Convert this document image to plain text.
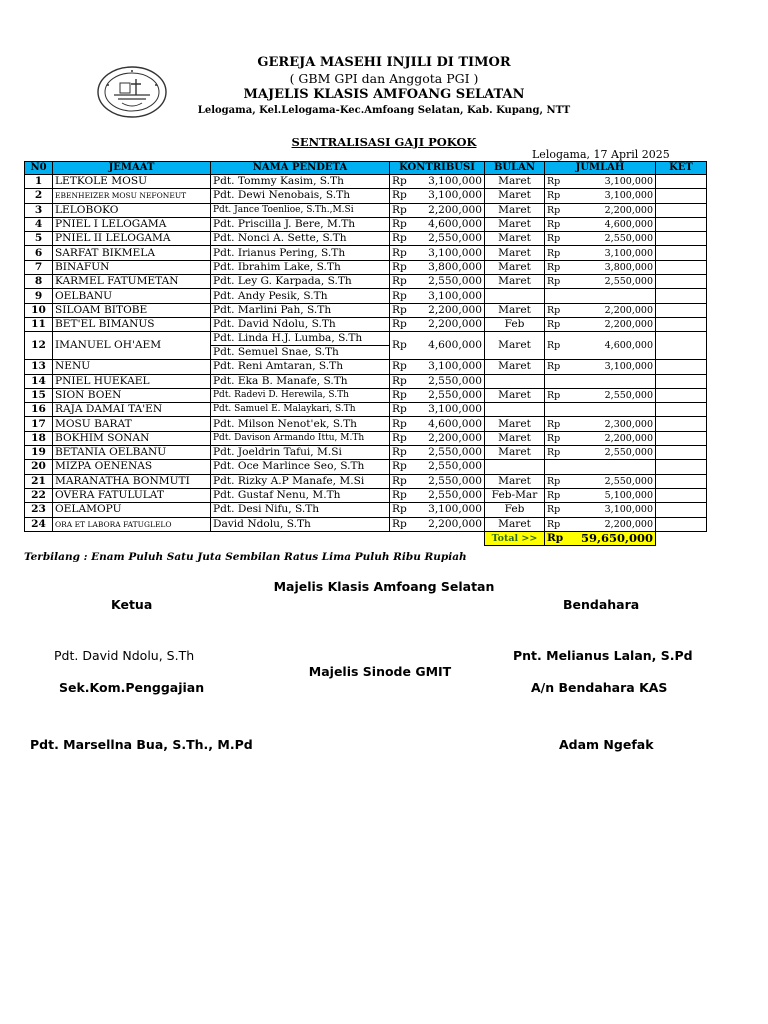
GEREJA MASEHI INJILI DI TIMOR
( GBM GPI dan Anggota PGI )
MAJELIS KLASIS AMFOANG SELATAN
Lelogama, Kel.Lelogama-Kec.Amfoang Selatan, Kab. Kupang, NTT
SENTRALISASI GAJI POKOK
Lelogama, 17 April 2025
N0	JEMAAT	NAMA PENDETA	KONTRIBUSI		BULAN	JUMLAH		KET
1	LETKOLE MOSU	Pdt. Tommy Kasim, S.Th	Rp	3,100,000	Maret	Rp	3,100,000	
2	EBENHEIZER MOSU NEFONEUT	Pdt. Dewi Nenobais, S.Th	Rp	3,100,000	Maret	Rp	3,100,000	
3	LELOBOKO	Pdt. Jance Toenlioe, S.Th.,M.Si	Rp	2,200,000	Maret	Rp	2,200,000	
4	PNIEL I LELOGAMA	Pdt. Priscilla J. Bere, M.Th	Rp	4,600,000	Maret	Rp	4,600,000	
5	PNIEL II LELOGAMA	Pdt. Nonci A. Sette, S.Th	Rp	2,550,000	Maret	Rp	2,550,000	
6	SARFAT BIKMELA	Pdt. Irianus Pering, S.Th	Rp	3,100,000	Maret	Rp	3,100,000	
7	BINAFUN	Pdt. Ibrahim Lake, S.Th	Rp	3,800,000	Maret	Rp	3,800,000	
8	KARMEL FATUMETAN	Pdt. Ley G. Karpada, S.Th	Rp	2,550,000	Maret	Rp	2,550,000	
9	OELBANU	Pdt. Andy Pesik, S.Th	Rp	3,100,000				
10	SILOAM BITOBE	Pdt. Marlini Pah, S.Th	Rp	2,200,000	Maret	Rp	2,200,000	
11	BET'EL BIMANUS	Pdt. David Ndolu, S.Th	Rp	2,200,000	Feb	Rp	2,200,000	
12	IMANUEL OH'AEM	Pdt. Linda H.J. Lumba, S.Th
Pdt. Semuel Snae, S.Th	Rp	4,600,000	Maret	Rp	4,600,000	
13	NENU	Pdt. Reni Amtaran, S.Th	Rp	3,100,000	Maret	Rp	3,100,000	
14	PNIEL HUEKAEL	Pdt. Eka B. Manafe, S.Th	Rp	2,550,000				
15	SION BOEN	Pdt. Radevi D. Herewila, S.Th	Rp	2,550,000	Maret	Rp	2,550,000	
16	RAJA DAMAI TA'EN	Pdt. Samuel E. Malaykari, S.Th	Rp	3,100,000				
17	MOSU BARAT	Pdt. Milson Nenot'ek, S.Th	Rp	4,600,000	Maret	Rp	2,300,000	
18	BOKHIM SONAN	Pdt. Davison Armando Ittu, M.Th	Rp	2,200,000	Maret	Rp	2,200,000	
19	BETANIA OELBANU	Pdt. Joeldrin Tafui, M.Si	Rp	2,550,000	Maret	Rp	2,550,000	
20	MIZPA OENENAS	Pdt. Oce Marlince Seo, S.Th	Rp	2,550,000				
21	MARANATHA BONMUTI	Pdt. Rizky A.P Manafe, M.Si	Rp	2,550,000	Maret	Rp	2,550,000	
22	OVERA FATULULAT	Pdt. Gustaf Nenu, M.Th	Rp	2,550,000	Feb-Mar	Rp	5,100,000	
23	OELAMOPU	Pdt. Desi Nifu, S.Th	Rp	3,100,000	Feb	Rp	3,100,000	
24	ORA ET LABORA FATUGLELO	David Ndolu, S.Th	Rp	2,200,000	Maret	Rp	2,200,000	
					Total >>	Rp	59,650,000	
Terbilang : Enam Puluh Satu Juta Sembilan Ratus Lima Puluh Ribu Rupiah
Majelis Klasis Amfoang Selatan
Ketua	Bendahara
Pdt. David Ndolu, S.Th	Pnt. Melianus Lalan, S.Pd
Majelis Sinode GMIT
Sek.Kom.Penggajian	A/n Bendahara KAS
Pdt. Marsellna Bua, S.Th., M.Pd	Adam Ngefak
